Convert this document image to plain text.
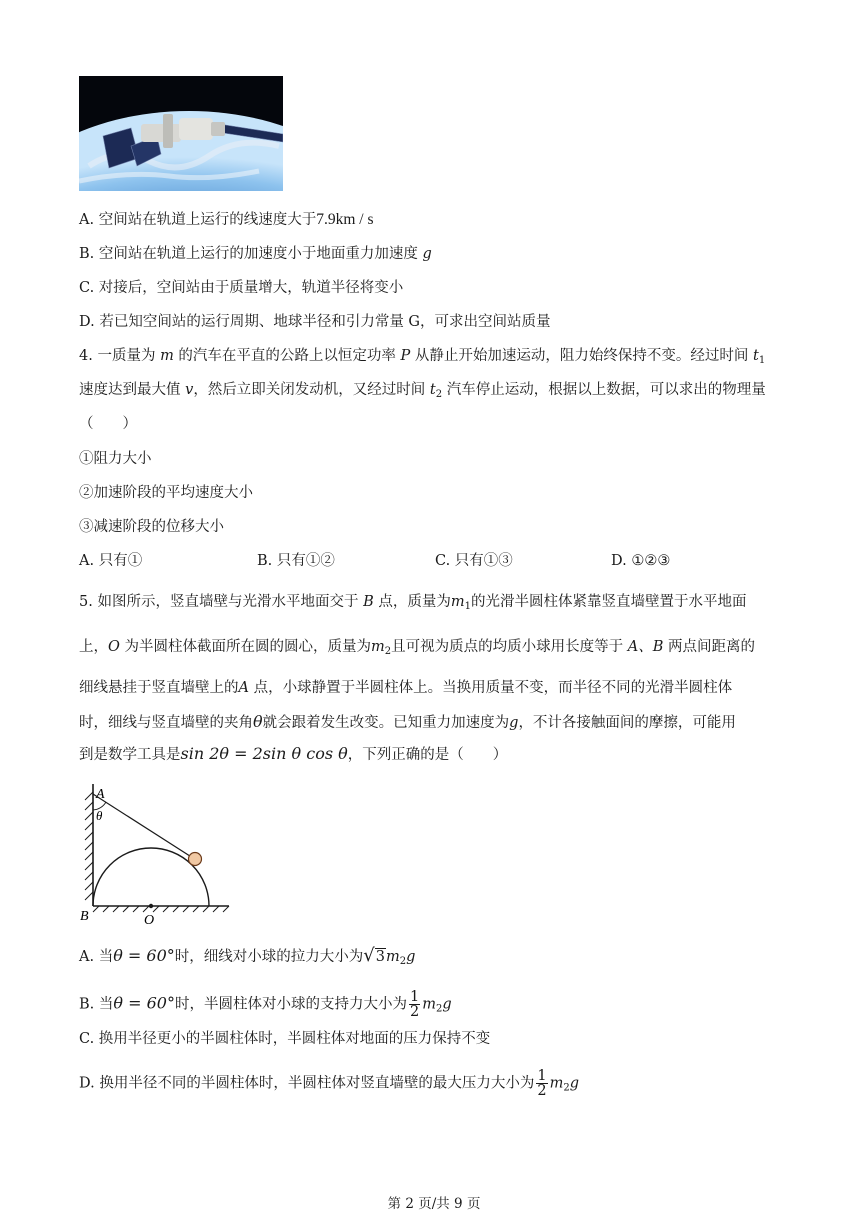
A. 空间站在轨道上运行的线速度大于7.9km / s
B. 空间站在轨道上运行的加速度小于地面重力加速度 g
C. 对接后，空间站由于质量增大，轨道半径将变小
D. 若已知空间站的运行周期、地球半径和引力常量 G，可求出空间站质量
4. 一质量为 m 的汽车在平直的公路上以恒定功率 P 从静止开始加速运动，阻力始终保持不变。经过时间 $t_1$
速度达到最大值 v，然后立即关闭发动机，又经过时间 $t_2$ 汽车停止运动，根据以上数据，可以求出的物理量
（　　）
①阻力大小
②加速阶段的平均速度大小
③减速阶段的位移大小
A. 只有①	B. 只有①②	C. 只有①③	D. ①②③
5. 如图所示，竖直墙壁与光滑水平地面交于 B 点，质量为$m_1$的光滑半圆柱体紧靠竖直墙壁置于水平地面
上，O 为半圆柱体截面所在圆的圆心，质量为$m_2$且可视为质点的均质小球用长度等于 A、B 两点间距离的
细线悬挂于竖直墙壁上的A 点，小球静置于半圆柱体上。当换用质量不变，而半径不同的光滑半圆柱体
时，细线与竖直墙壁的夹角θ就会跟着发生改变。已知重力加速度为g，不计各接触面间的摩擦，可能用
到是数学工具是sin 2θ = 2sin θ cos θ，下列正确的是（　　）
A
θ
B	O
A. 当θ = 60°时，细线对小球的拉力大小为$√3m_2g$
B. 当θ = 60°时，半圆柱体对小球的支持力大小为 $\frac{1}{2} m_2g$
C. 换用半径更小的半圆柱体时，半圆柱体对地面的压力保持不变
D. 换用半径不同的半圆柱体时，半圆柱体对竖直墙壁的最大压力大小为 $\frac{1}{2} m_2g$
第 2 页/共 9 页
